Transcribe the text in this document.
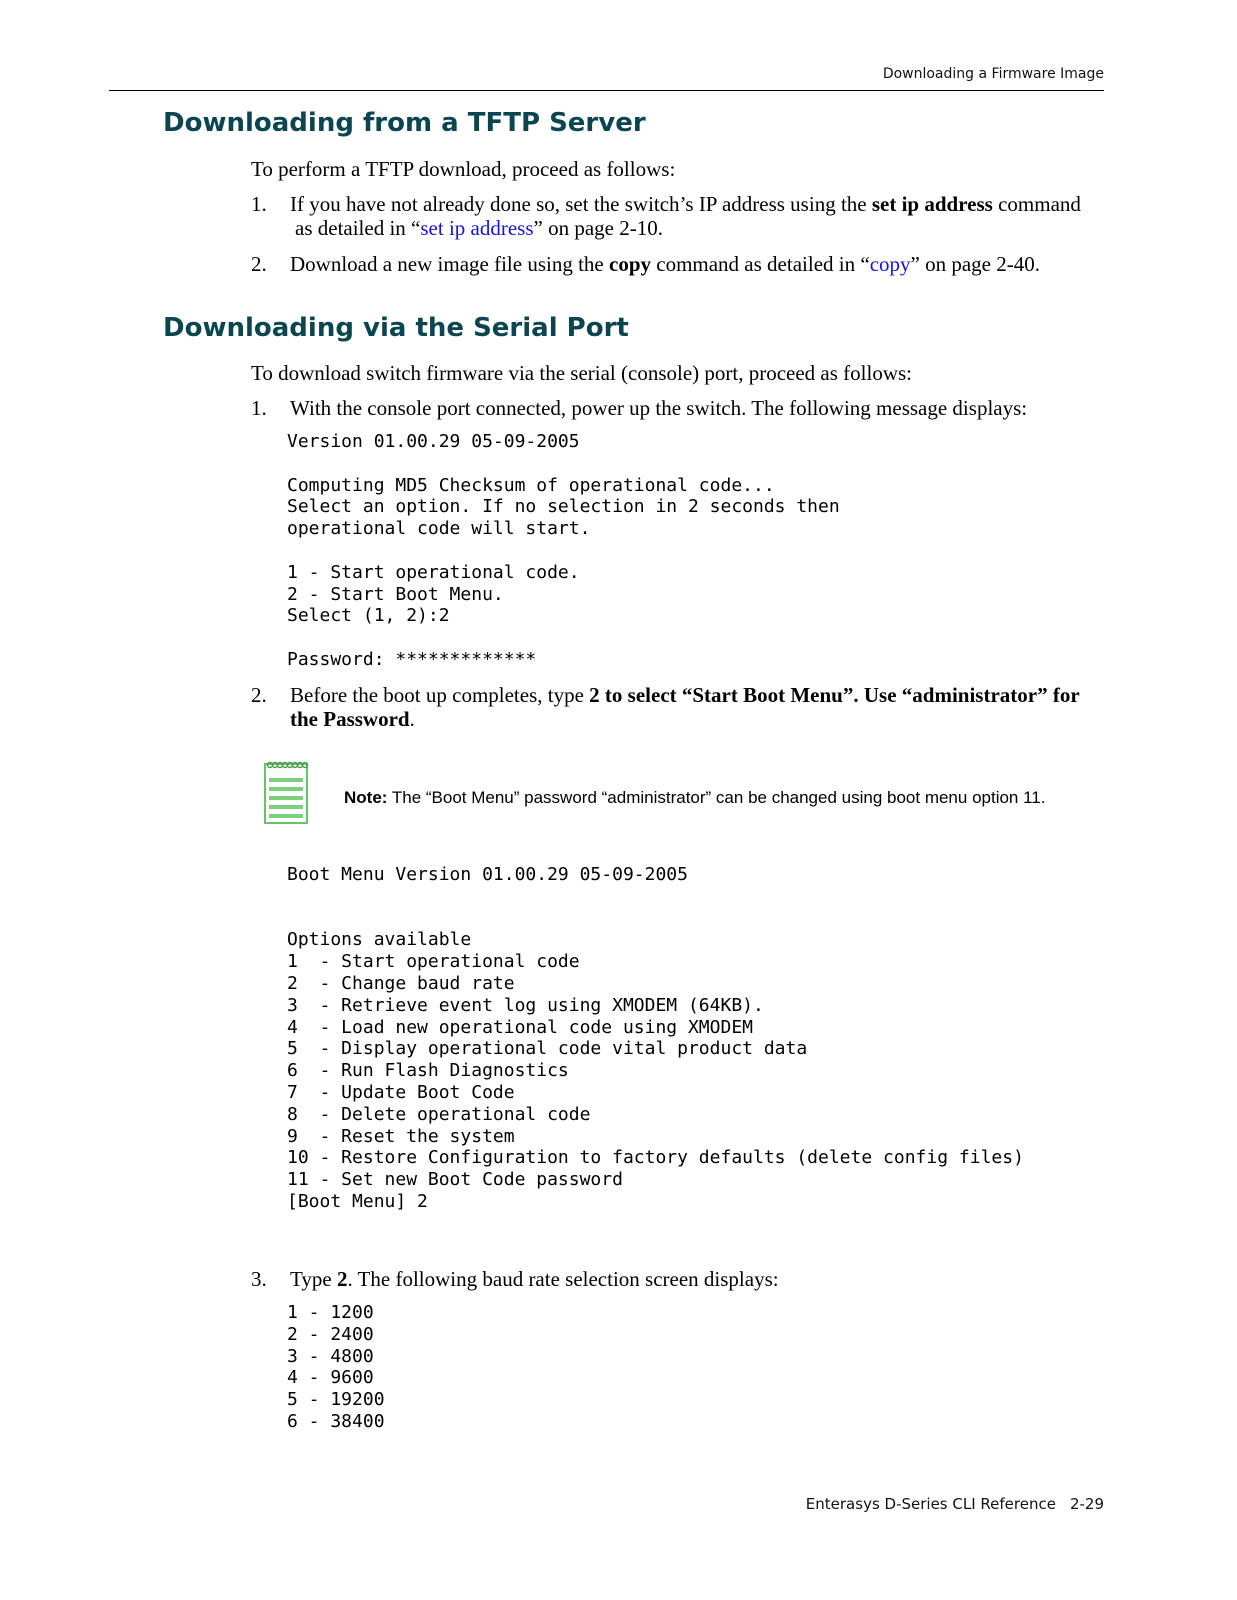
Downloading a Firmware Image
Downloading from a TFTP Server
To perform a TFTP download, proceed as follows:
1. If you have not already done so, set the switch’s IP address using the set ip address command
as detailed in “set ip address” on page 2-10.
2. Download a new image file using the copy command as detailed in “copy” on page 2-40.
Downloading via the Serial Port
To download switch firmware via the serial (console) port, proceed as follows:
1. With the console port connected, power up the switch. The following message displays:
Version 01.00.29 05-09-2005

Computing MD5 Checksum of operational code...
Select an option. If no selection in 2 seconds then
operational code will start.

1 - Start operational code.
2 - Start Boot Menu.
Select (1, 2):2

Password: *************
2. Before the boot up completes, type 2 to select “Start Boot Menu”. Use “administrator” for the Password.
Note: The “Boot Menu” password “administrator” can be changed using boot menu option 11.
Boot Menu Version 01.00.29 05-09-2005

Options available
1  - Start operational code
2  - Change baud rate
3  - Retrieve event log using XMODEM (64KB).
4  - Load new operational code using XMODEM
5  - Display operational code vital product data
6  - Run Flash Diagnostics
7  - Update Boot Code
8  - Delete operational code
9  - Reset the system
10 - Restore Configuration to factory defaults (delete config files)
11 - Set new Boot Code password
[Boot Menu] 2
3. Type 2. The following baud rate selection screen displays:
1 - 1200
2 - 2400
3 - 4800
4 - 9600
5 - 19200
6 - 38400
Enterasys D-Series CLI Reference 2-29
